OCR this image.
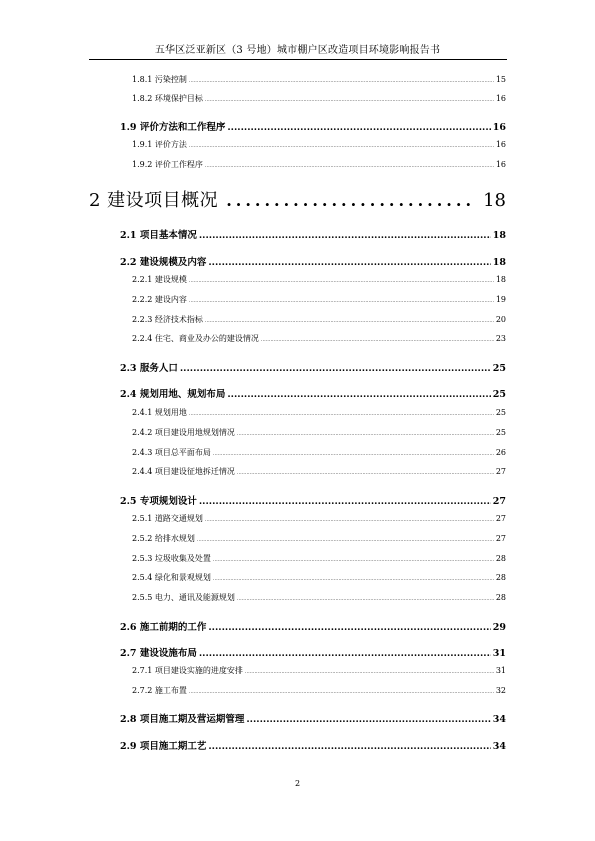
五华区泛亚新区（3 号地）城市棚户区改造项目环境影响报告书
1.8.1 污染控制 .....	15
1.8.2 环境保护目标 .....	16
1.9 评价方法和工作程序 .....	16
1.9.1 评价方法 .....	16
1.9.2 评价工作程序 .....	16
2 建设项目概况 .....	18
2.1 项目基本情况 .....	18
2.2 建设规模及内容 .....	18
2.2.1 建设规模 .....	18
2.2.2 建设内容 .....	19
2.2.3 经济技术指标 .....	20
2.2.4 住宅、商业及办公的建设情况 .....	23
2.3 服务人口 .....	25
2.4 规划用地、规划布局 .....	25
2.4.1 规划用地 .....	25
2.4.2 项目建设用地规划情况 .....	25
2.4.3 项目总平面布局 .....	26
2.4.4 项目建设征地拆迁情况 .....	27
2.5 专项规划设计 .....	27
2.5.1 道路交通规划 .....	27
2.5.2 给排水规划 .....	27
2.5.3 垃圾收集及处置 .....	28
2.5.4 绿化和景观规划 .....	28
2.5.5 电力、通讯及能源规划 .....	28
2.6 施工前期的工作 .....	29
2.7 建设设施布局 .....	31
2.7.1 项目建设实施的进度安排 .....	31
2.7.2 施工布置 .....	32
2.8 项目施工期及营运期管理 .....	34
2.9 项目施工期工艺 .....	34
2
